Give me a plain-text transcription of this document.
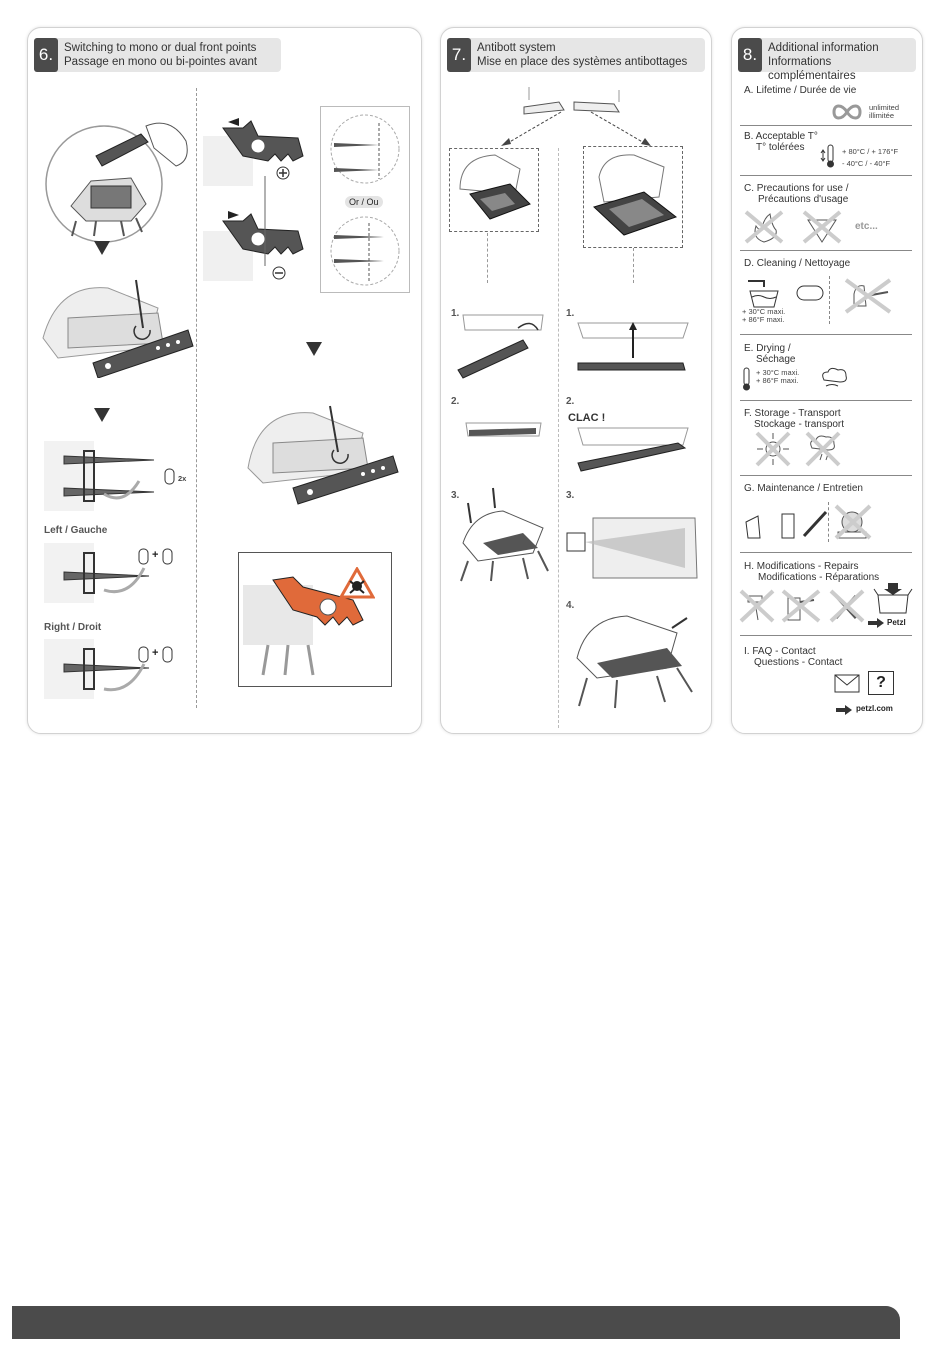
6. Switching to mono or dual front points
Passage en mono ou bi-pointes avant
2x
Left / Gauche
+
Right / Droit
+
Or / Ou
7. Antibott system
Mise en place des systèmes antibottages
1.
2.
3.
1.
2.
CLAC !
3.
4.
8. Additional information
Informations complémentaires
A. Lifetime / Durée de vie
unlimited
illimitée
B. Acceptable T°
T° tolérées	+ 80°C / + 176°F
- 40°C / - 40°F
C. Precautions for use /
Précautions d'usage
etc...
D. Cleaning / Nettoyage
+ 30°C maxi.
+ 86°F maxi.
E. Drying /
Séchage
+ 30°C maxi.
+ 86°F maxi.
F. Storage - Transport
Stockage - transport
G. Maintenance / Entretien
H. Modifications - Repairs
Modifications - Réparations
Petzl
I. FAQ - Contact
Questions - Contact
?
petzl.com
